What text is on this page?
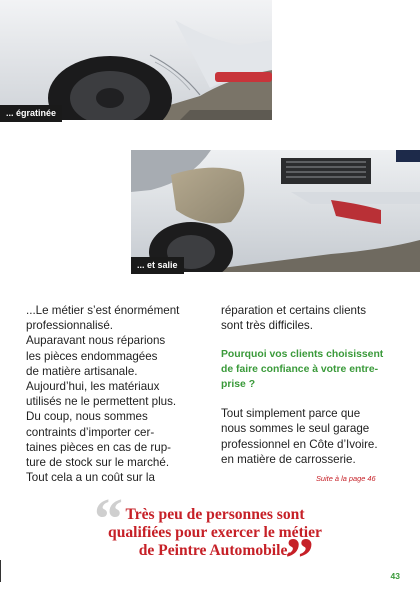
... égratinée
... et salie

...Le métier s’est énormément

professionnalisé.

Auparavant nous réparions

les pièces endommagées

de matière artisanale.

Aujourd’hui, les matériaux

utilisés ne le permettent plus.

Du coup, nous sommes

contraints d’importer cer-

taines pièces en cas de rup-

ture de stock sur le marché.

Tout cela a un coût sur la

réparation et certains clients

sont très difficiles.

Pourquoi vos clients choisissent

de faire confiance à votre entre-

prise ?

Tout simplement parce que

nous sommes le seul garage

professionnel en Côte d’Ivoire.

en matière de carrosserie.

Suite à la page 46
“ Très peu de personnes sont
qualifiées pour exercer le métier
de Peintre Automobile.
”	43
